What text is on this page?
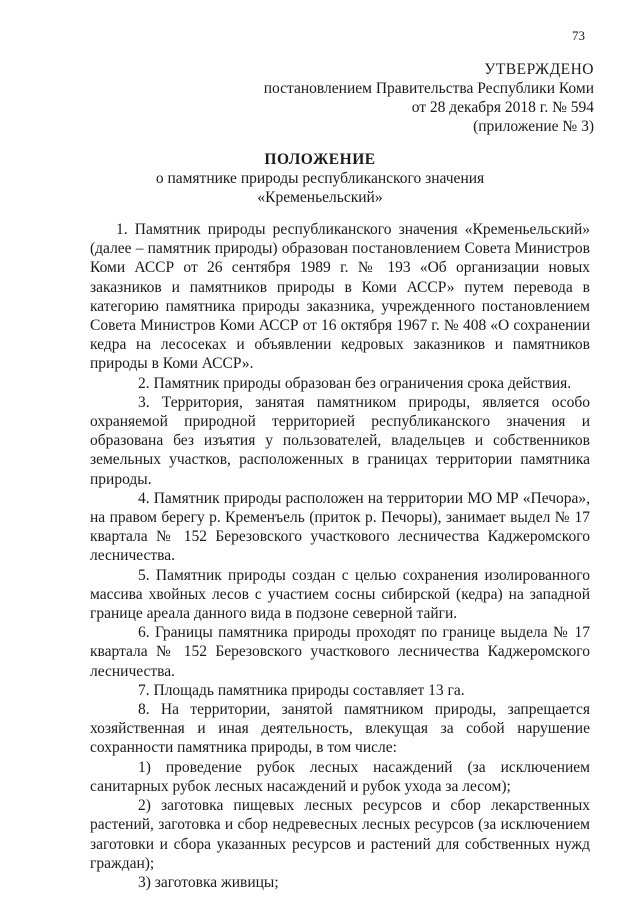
73
УТВЕРЖДЕНО
постановлением Правительства Республики Коми
от 28 декабря 2018 г. № 594
(приложение № 3)
ПОЛОЖЕНИЕ
о памятнике природы республиканского значения
«Кременьельский»

1. Памятник природы республиканского значения «Кременьельский» (далее – памятник природы) образован постановлением Совета Министров Коми АССР от 26 сентября 1989 г. № 193 «Об организации новых заказников и памятников природы в Коми АССР» путем перевода в категорию памятника природы заказника, учрежденного постановлением Совета Министров Коми АССР от 16 октября 1967 г. № 408 «О сохранении кедра на лесосеках и объявлении кедровых заказников и памятников природы в Коми АССР».

2. Памятник природы образован без ограничения срока действия.

3. Территория, занятая памятником природы, является особо охраняемой природной территорией республиканского значения и образована без изъятия у пользователей, владельцев и собственников земельных участков, расположенных в границах территории памятника природы.

4. Памятник природы расположен на территории МО МР «Печора», на правом берегу р. Кременъель (приток р. Печоры), занимает выдел № 17 квартала № 152 Березовского участкового лесничества Каджеромского лесничества.

5. Памятник природы создан с целью сохранения изолированного массива хвойных лесов с участием сосны сибирской (кедра) на западной границе ареала данного вида в подзоне северной тайги.

6. Границы памятника природы проходят по границе выдела № 17 квартала № 152 Березовского участкового лесничества Каджеромского лесничества.

7. Площадь памятника природы составляет 13 га.

8. На территории, занятой памятником природы, запрещается хозяйственная и иная деятельность, влекущая за собой нарушение сохранности памятника природы, в том числе:

1) проведение рубок лесных насаждений (за исключением санитарных рубок лесных насаждений и рубок ухода за лесом);

2) заготовка пищевых лесных ресурсов и сбор лекарственных растений, заготовка и сбор недревесных лесных ресурсов (за исключением заготовки и сбора указанных ресурсов и растений для собственных нужд граждан);

3) заготовка живицы;
